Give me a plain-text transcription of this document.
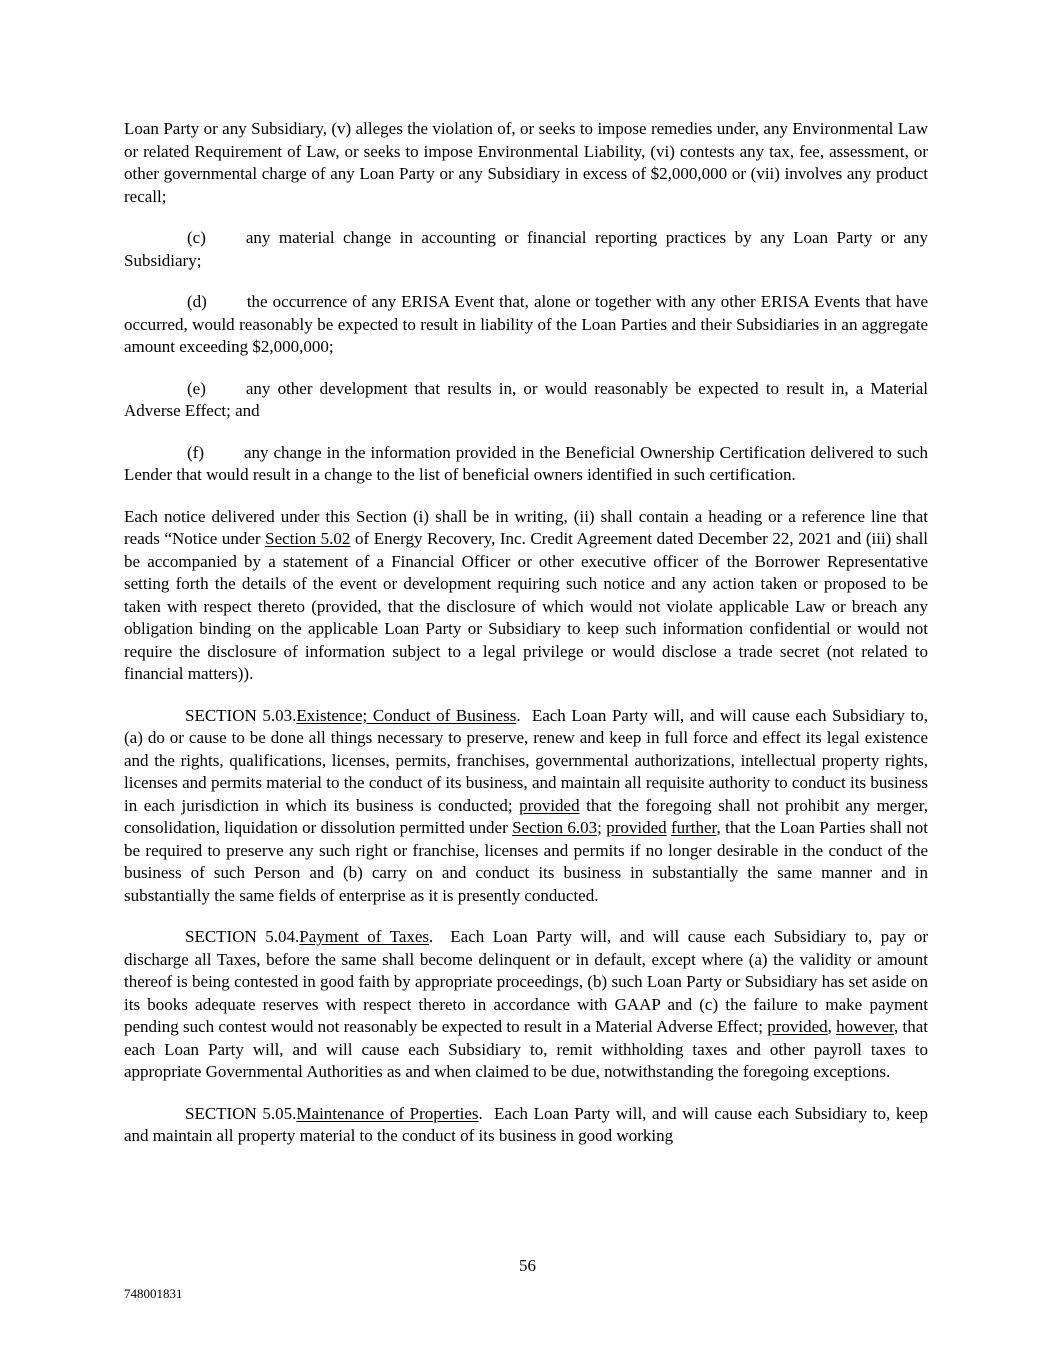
Loan Party or any Subsidiary, (v) alleges the violation of, or seeks to impose remedies under, any Environmental Law or related Requirement of Law, or seeks to impose Environmental Liability, (vi) contests any tax, fee, assessment, or other governmental charge of any Loan Party or any Subsidiary in excess of $2,000,000 or (vii) involves any product recall;

(c) any material change in accounting or financial reporting practices by any Loan Party or any Subsidiary;

(d) the occurrence of any ERISA Event that, alone or together with any other ERISA Events that have occurred, would reasonably be expected to result in liability of the Loan Parties and their Subsidiaries in an aggregate amount exceeding $2,000,000;

(e) any other development that results in, or would reasonably be expected to result in, a Material Adverse Effect; and

(f) any change in the information provided in the Beneficial Ownership Certification delivered to such Lender that would result in a change to the list of beneficial owners identified in such certification.

Each notice delivered under this Section (i) shall be in writing, (ii) shall contain a heading or a reference line that reads “Notice under Section 5.02 of Energy Recovery, Inc. Credit Agreement dated December 22, 2021 and (iii) shall be accompanied by a statement of a Financial Officer or other executive officer of the Borrower Representative setting forth the details of the event or development requiring such notice and any action taken or proposed to be taken with respect thereto (provided, that the disclosure of which would not violate applicable Law or breach any obligation binding on the applicable Loan Party or Subsidiary to keep such information confidential or would not require the disclosure of information subject to a legal privilege or would disclose a trade secret (not related to financial matters)).

SECTION 5.03.Existence; Conduct of Business.  Each Loan Party will, and will cause each Subsidiary to, (a) do or cause to be done all things necessary to preserve, renew and keep in full force and effect its legal existence and the rights, qualifications, licenses, permits, franchises, governmental authorizations, intellectual property rights, licenses and permits material to the conduct of its business, and maintain all requisite authority to conduct its business in each jurisdiction in which its business is conducted; provided that the foregoing shall not prohibit any merger, consolidation, liquidation or dissolution permitted under Section 6.03; provided further, that the Loan Parties shall not be required to preserve any such right or franchise, licenses and permits if no longer desirable in the conduct of the business of such Person and (b) carry on and conduct its business in substantially the same manner and in substantially the same fields of enterprise as it is presently conducted.

SECTION 5.04.Payment of Taxes.  Each Loan Party will, and will cause each Subsidiary to, pay or discharge all Taxes, before the same shall become delinquent or in default, except where (a) the validity or amount thereof is being contested in good faith by appropriate proceedings, (b) such Loan Party or Subsidiary has set aside on its books adequate reserves with respect thereto in accordance with GAAP and (c) the failure to make payment pending such contest would not reasonably be expected to result in a Material Adverse Effect; provided, however, that each Loan Party will, and will cause each Subsidiary to, remit withholding taxes and other payroll taxes to appropriate Governmental Authorities as and when claimed to be due, notwithstanding the foregoing exceptions.

SECTION 5.05.Maintenance of Properties.  Each Loan Party will, and will cause each Subsidiary to, keep and maintain all property material to the conduct of its business in good working

56
748001831
